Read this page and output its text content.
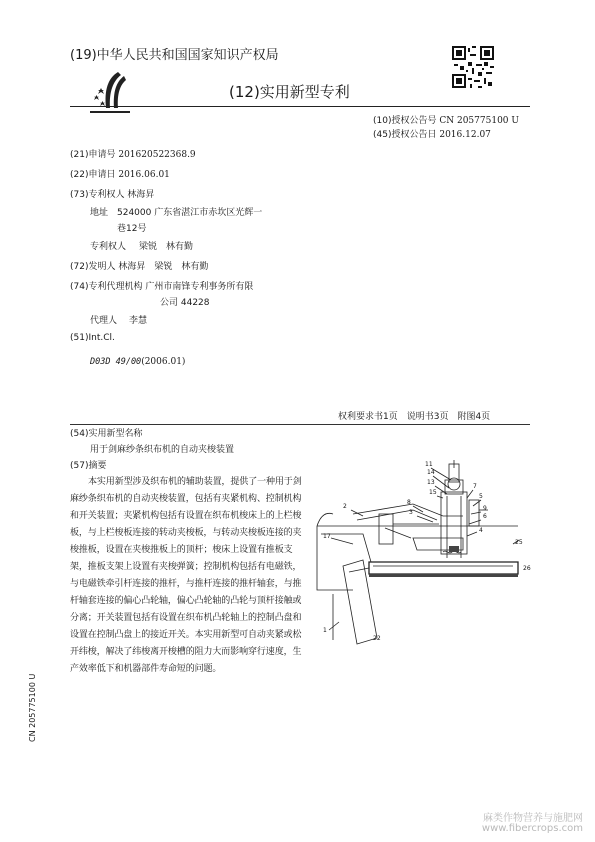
(19)中华人民共和国国家知识产权局
(12)实用新型专利
(10)授权公告号 CN 205775100 U
(45)授权公告日 2016.12.07
(21)申请号 201620522368.9
(22)申请日 2016.06.01
(73)专利权人 林海昇
地址 524000 广东省湛江市赤坎区光辉一
巷12号
专利权人 梁锐　林有勤
(72)发明人 林海昇　梁锐　林有勤
(74)专利代理机构 广州市南锋专利事务所有限
公司 44228
代理人 李慧
(51)Int.Cl.
D03D 49/00(2006.01)
权利要求书1页　说明书3页　附图4页
(54)实用新型名称
用于剑麻纱条织布机的自动夹梭装置
(57)摘要
本实用新型涉及织布机的辅助装置，提供了一种用于剑麻纱条织布机的自动夹梭装置，包括有夹紧机构、控制机构和开关装置；夹紧机构包括有设置在织布机梭床上的上栏梭板，与上栏梭板连接的转动夹梭板，与转动夹梭板连接的夹梭推板，设置在夹梭推板上的顶杆；梭床上设置有推板支架，推板支架上设置有夹梭弹簧；控制机构包括有电磁铁，与电磁铁牵引杆连接的推杆，与推杆连接的推杆轴套，与推杆轴套连接的偏心凸轮轴，偏心凸轮轴的凸轮与顶杆接触或分离；开关装置包括有设置在织布机凸轮轴上的控制凸盘和设置在控制凸盘上的接近开关。本实用新型可自动夹紧或松开纬梭，解决了纬梭离开梭槽的阻力大而影响穿行速度，生产效率低下和机器部件寿命短的问题。
11
14
13
15
7
5
9
6
4
3
8
2
17
25
1
26
22
CN 205775100 U
麻类作物营养与施肥网
www.fibercrops.com
